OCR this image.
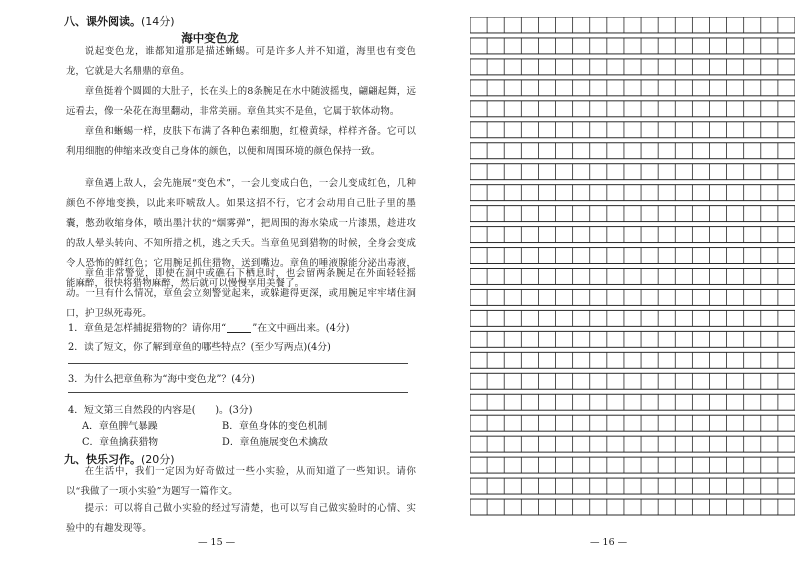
八、课外阅读。(14分)
海中变色龙
说起变色龙，谁都知道那是描述蜥蜴。可是许多人并不知道，海里也有变色龙，它就是大名鼎鼎的章鱼。
章鱼挺着个圆圆的大肚子，长在头上的8条腕足在水中随波摇曳，翩翩起舞，远远看去，像一朵花在海里翻动，非常美丽。章鱼其实不是鱼，它属于软体动物。
章鱼和蜥蜴一样，皮肤下布满了各种色素细胞，红橙黄绿，样样齐备。它可以利用细胞的伸缩来改变自己身体的颜色，以便和周围环境的颜色保持一致。
章鱼遇上敌人，会先施展“变色术”，一会儿变成白色，一会儿变成红色，几种颜色不停地变换，以此来吓唬敌人。如果这招不行，它才会动用自己肚子里的墨囊，憋劲收缩身体，喷出墨汁状的“烟雾弹”，把周围的海水染成一片漆黑，趁进攻的敌人晕头转向、不知所措之机，逃之夭夭。当章鱼见到猎物的时候，全身会变成令人恐怖的鲜红色；它用腕足抓住猎物，送到嘴边。章鱼的唾液腺能分泌出毒液，能麻醉，很快将猎物麻醉，然后就可以慢慢享用美餐了。
章鱼非常警觉，即使在洞中或礁石下栖息时，也会留两条腕足在外面轻轻摇动。一旦有什么情况，章鱼会立刻警觉起来，或躲避得更深，或用腕足牢牢堵住洞口，护卫纵死毒死。
1．章鱼是怎样捕捉猎物的？请你用“	”在文中画出来。(4分)
2．读了短文，你了解到章鱼的哪些特点？(至少写两点)(4分)
3．为什么把章鱼称为“海中变色龙”？(4分)
4．短文第三自然段的内容是(　　)。(3分)
A．章鱼脾气暴躁	B．章鱼身体的变色机制
C．章鱼擒获猎物	D．章鱼施展变色术擒敌
九、快乐习作。(20分)
在生活中，我们一定因为好奇做过一些小实验，从而知道了一些知识。请你以“我做了一项小实验”为题写一篇作文。
提示：可以将自己做小实验的经过写清楚，也可以写自己做实验时的心情、实验中的有趣发现等。
— 15 —	— 16 —
